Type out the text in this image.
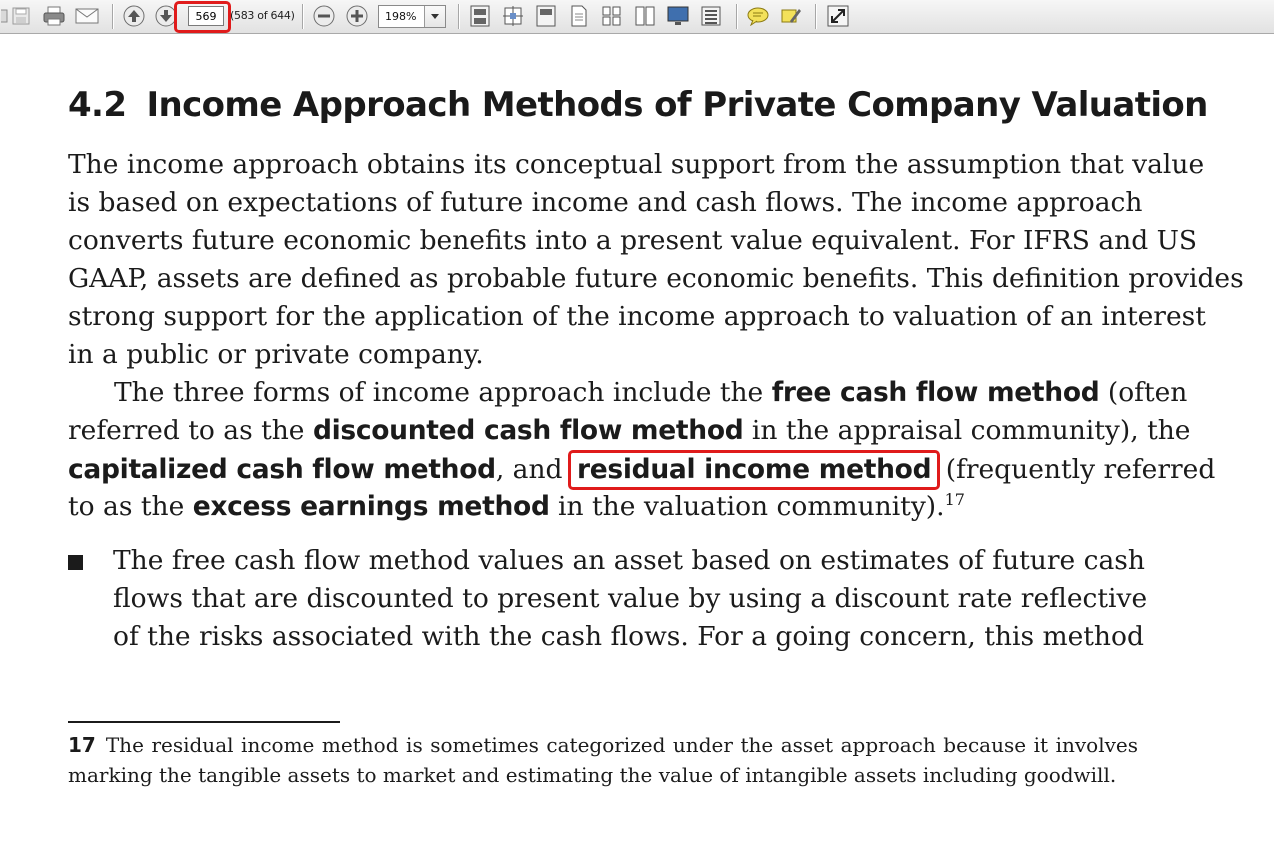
569
(583 of 644)	198%
4.2 Income Approach Methods of Private Company Valuation
The income approach obtains its conceptual support from the assumption that value
is based on expectations of future income and cash flows. The income approach
converts future economic benefits into a present value equivalent. For IFRS and US
GAAP, assets are defined as probable future economic benefits. This definition provides
strong support for the application of the income approach to valuation of an interest
in a public or private company.
The three forms of income approach include the free cash flow method (often
referred to as the discounted cash flow method in the appraisal community), the
capitalized cash flow method, and residual income method (frequently referred
to as the excess earnings method in the valuation community).$^{17}$
The free cash flow method values an asset based on estimates of future cash
flows that are discounted to present value by using a discount rate reflective
of the risks associated with the cash flows. For a going concern, this method
17 The residual income method is sometimes categorized under the asset approach because it involves
marking the tangible assets to market and estimating the value of intangible assets including goodwill.
